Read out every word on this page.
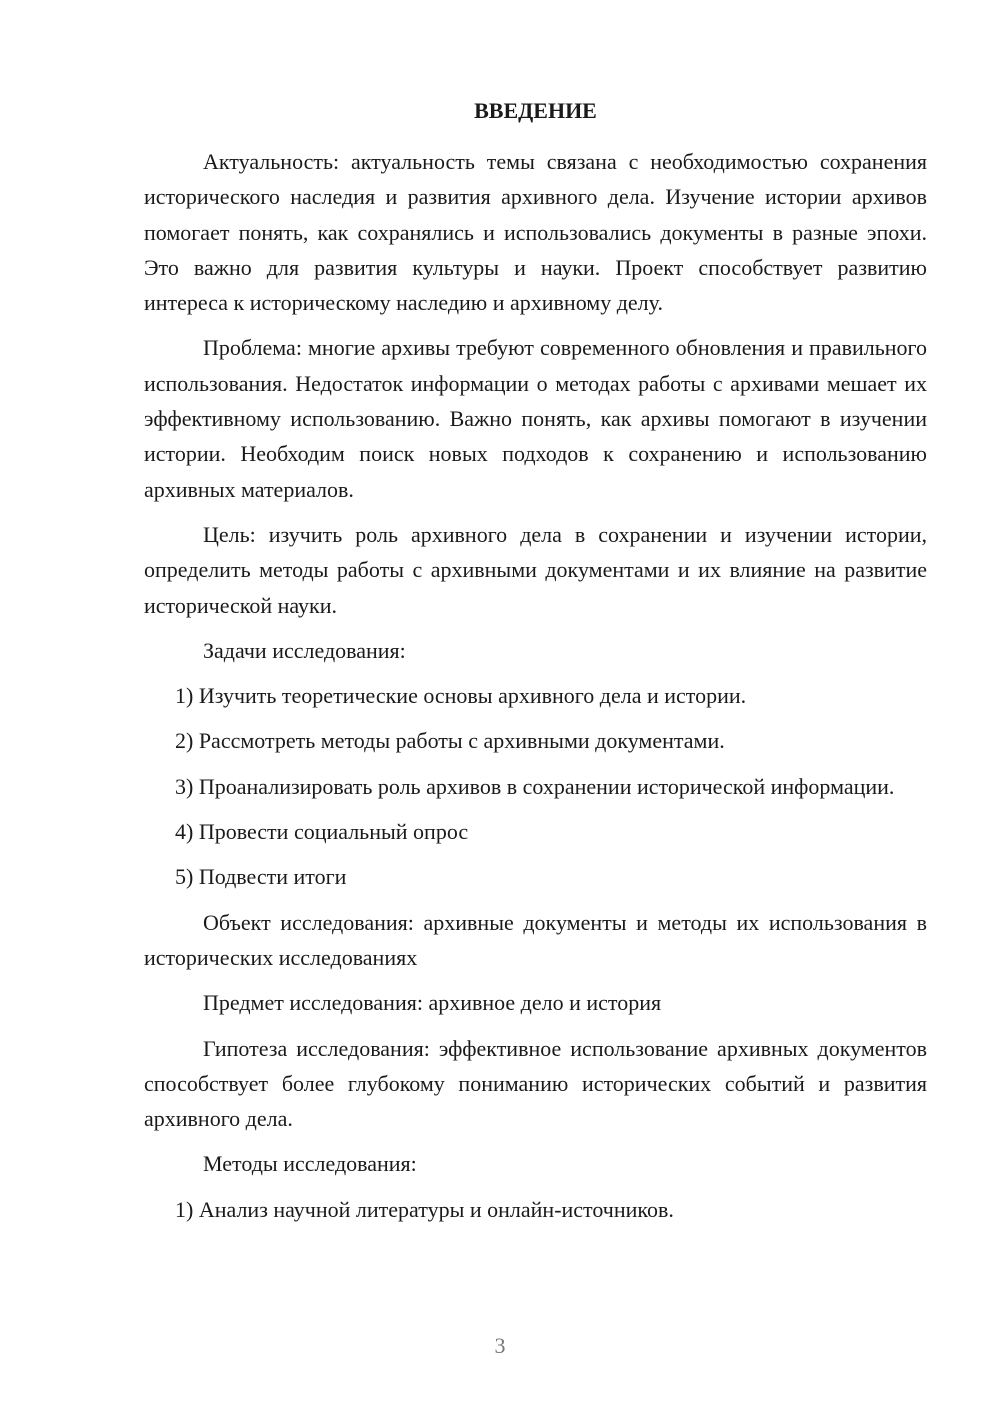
ВВЕДЕНИЕ

Актуальность: актуальность темы связана с необходимостью сохранения исторического наследия и развития архивного дела. Изучение истории архивов помогает понять, как сохранялись и использовались документы в разные эпохи. Это важно для развития культуры и науки. Проект способствует развитию интереса к историческому наследию и архивному делу.

Проблема: многие архивы требуют современного обновления и правильного использования. Недостаток информации о методах работы с архивами мешает их эффективному использованию. Важно понять, как архивы помогают в изучении истории. Необходим поиск новых подходов к сохранению и использованию архивных материалов.

Цель: изучить роль архивного дела в сохранении и изучении истории, определить методы работы с архивными документами и их влияние на развитие исторической науки.

Задачи исследования:

1) Изучить теоретические основы архивного дела и истории.

2) Рассмотреть методы работы с архивными документами.

3) Проанализировать роль архивов в сохранении исторической информации.

4) Провести социальный опрос

5) Подвести итоги

Объект исследования: архивные документы и методы их использования в исторических исследованиях

Предмет исследования: архивное дело и история

Гипотеза исследования: эффективное использование архивных документов способствует более глубокому пониманию исторических событий и развития архивного дела.

Методы исследования:

1) Анализ научной литературы и онлайн-источников.

3
